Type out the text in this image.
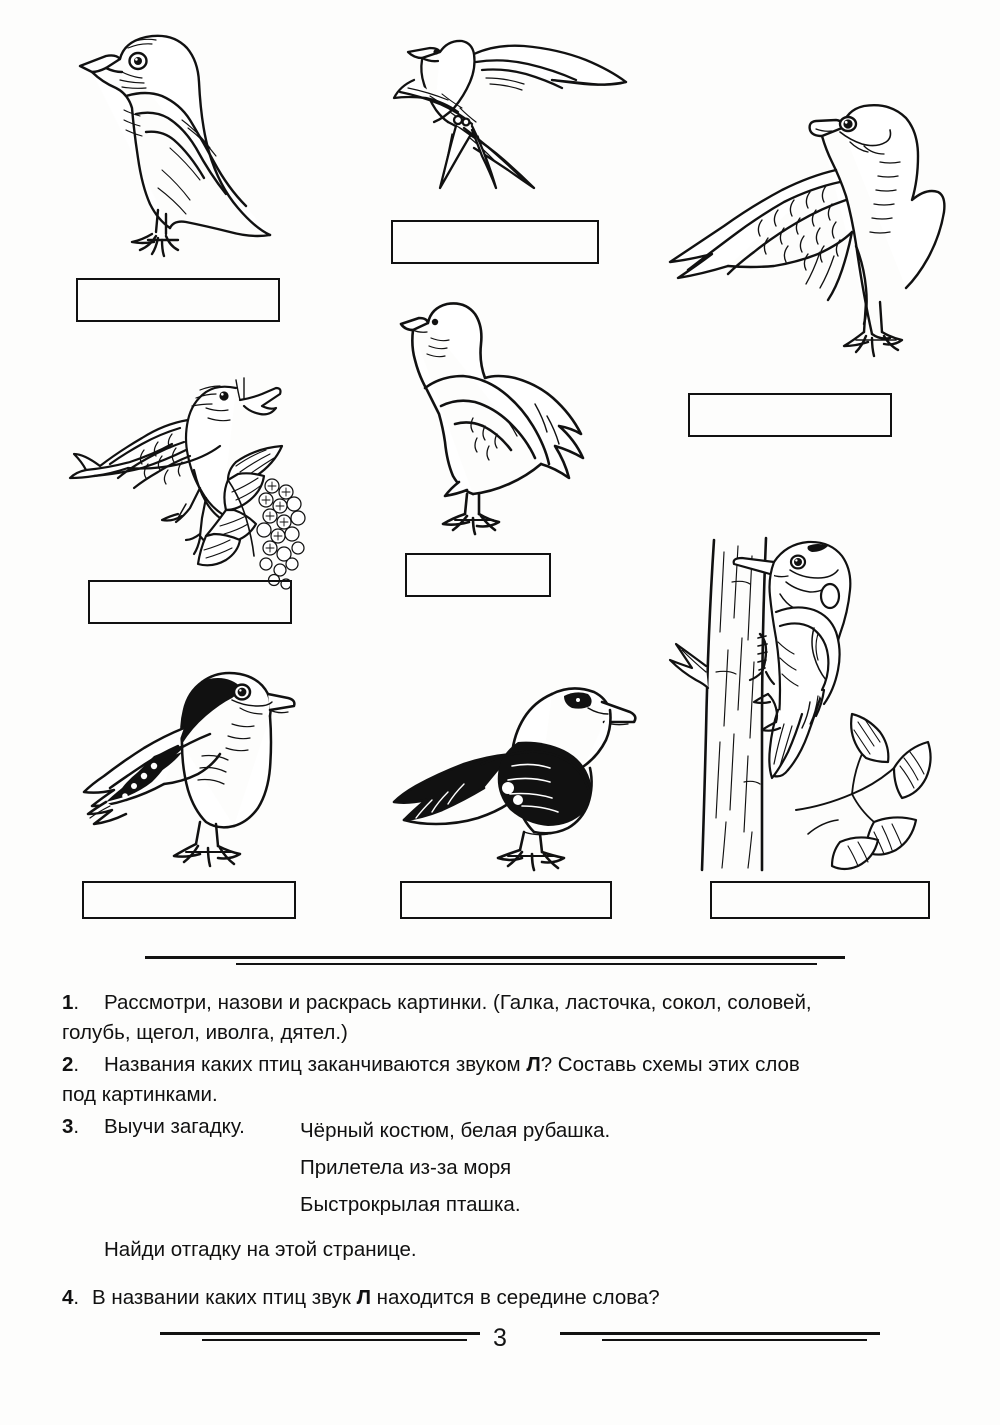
1. Рассмотри, назови и раскрась картинки. (Галка, ласточка, сокол, соловей,
голубь, щегол, иволга, дятел.)
2. Названия каких птиц заканчиваются звуком Л? Составь схемы этих слов
под картинками.
3. Выучи загадку.	Чёрный костюм, белая рубашка.
Прилетела из-за моря
Быстрокрылая пташка.
Найди отгадку на этой странице.
4. В названии каких птиц звук Л находится в середине слова?
3
